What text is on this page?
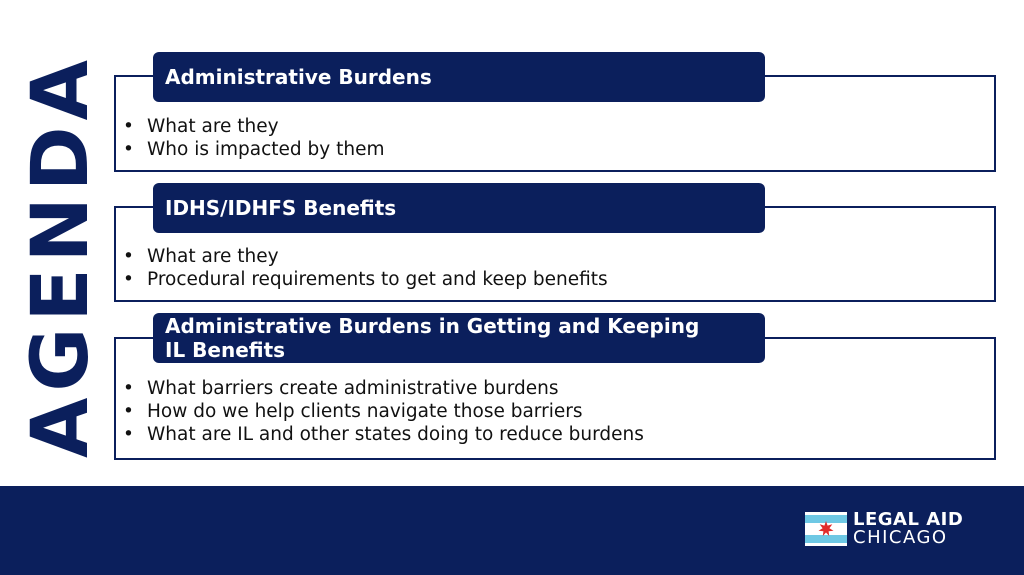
AGENDA
•	What are they
• Who is impacted by them
Administrative Burdens
• What are they
• Procedural requirements to get and keep benefits
IDHS/IDHFS Benefits
• What barriers create administrative burdens
• How do we help clients navigate those barriers
• What are IL and other states doing to reduce burdens
Administrative Burdens in Getting and Keeping IL Benefits
LEGAL AID
CHICAGO
